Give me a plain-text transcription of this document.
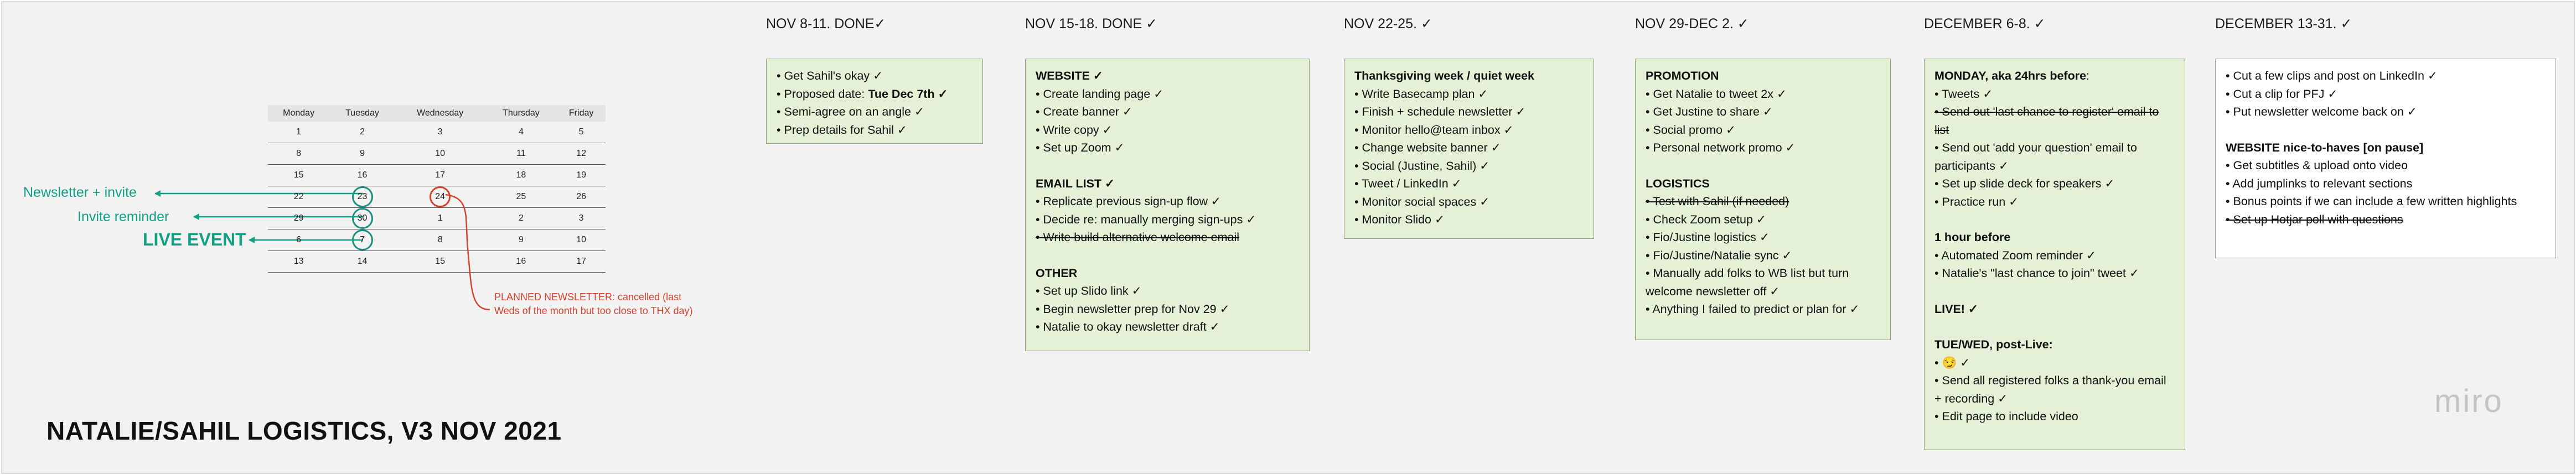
Monday	Tuesday	Wednesday	Thursday	Friday
1	2	3	4	5
8	9	10	11	12
15	16	17	18	19
22	23	24	25	26
29	30	1	2	3
6	7	8	9	10
13	14	15	16	17
Newsletter + invite
Invite reminder
LIVE EVENT
PLANNED NEWSLETTER: cancelled (last Weds of the month but too close to THX day)
NOV 8-11. DONE✓
• Get Sahil's okay ✓
• Proposed date: Tue Dec 7th ✓
• Semi-agree on an angle ✓
• Prep details for Sahil ✓
NOV 15-18. DONE ✓
WEBSITE ✓
• Create landing page ✓
• Create banner ✓
• Write copy ✓
• Set up Zoom ✓
EMAIL LIST ✓
• Replicate previous sign-up flow ✓
• Decide re: manually merging sign-ups ✓
• Write build alternative welcome email
OTHER
• Set up Slido link ✓
• Begin newsletter prep for Nov 29 ✓
• Natalie to okay newsletter draft ✓
NOV 22-25. ✓
Thanksgiving week / quiet week
• Write Basecamp plan ✓
• Finish + schedule newsletter ✓
• Monitor hello@team inbox ✓
• Change website banner ✓
• Social (Justine, Sahil) ✓
• Tweet / LinkedIn ✓
• Monitor social spaces ✓
• Monitor Slido ✓
NOV 29-DEC 2. ✓
PROMOTION
• Get Natalie to tweet 2x ✓
• Get Justine to share ✓
• Social promo ✓
• Personal network promo ✓
LOGISTICS
• Test with Sahil (if needed)
• Check Zoom setup ✓
• Fio/Justine logistics ✓
• Fio/Justine/Natalie sync ✓
• Manually add folks to WB list but turn welcome newsletter off ✓
• Anything I failed to predict or plan for ✓
DECEMBER 6-8. ✓
MONDAY, aka 24hrs before:
• Tweets ✓
• Send out 'last chance to register' email to list
• Send out 'add your question' email to participants ✓
• Set up slide deck for speakers ✓
• Practice run ✓
1 hour before
• Automated Zoom reminder ✓
• Natalie's "last chance to join" tweet ✓
LIVE! ✓
TUE/WED, post-Live:
• 😏 ✓
• Send all registered folks a thank-you email + recording ✓
• Edit page to include video
DECEMBER 13-31. ✓
• Cut a few clips and post on LinkedIn ✓
• Cut a clip for PFJ ✓
• Put newsletter welcome back on ✓
WEBSITE nice-to-haves [on pause]
• Get subtitles & upload onto video
• Add jumplinks to relevant sections
• Bonus points if we can include a few written highlights
• Set up Hotjar poll with questions
NATALIE/SAHIL LOGISTICS, V3 NOV 2021
miro
